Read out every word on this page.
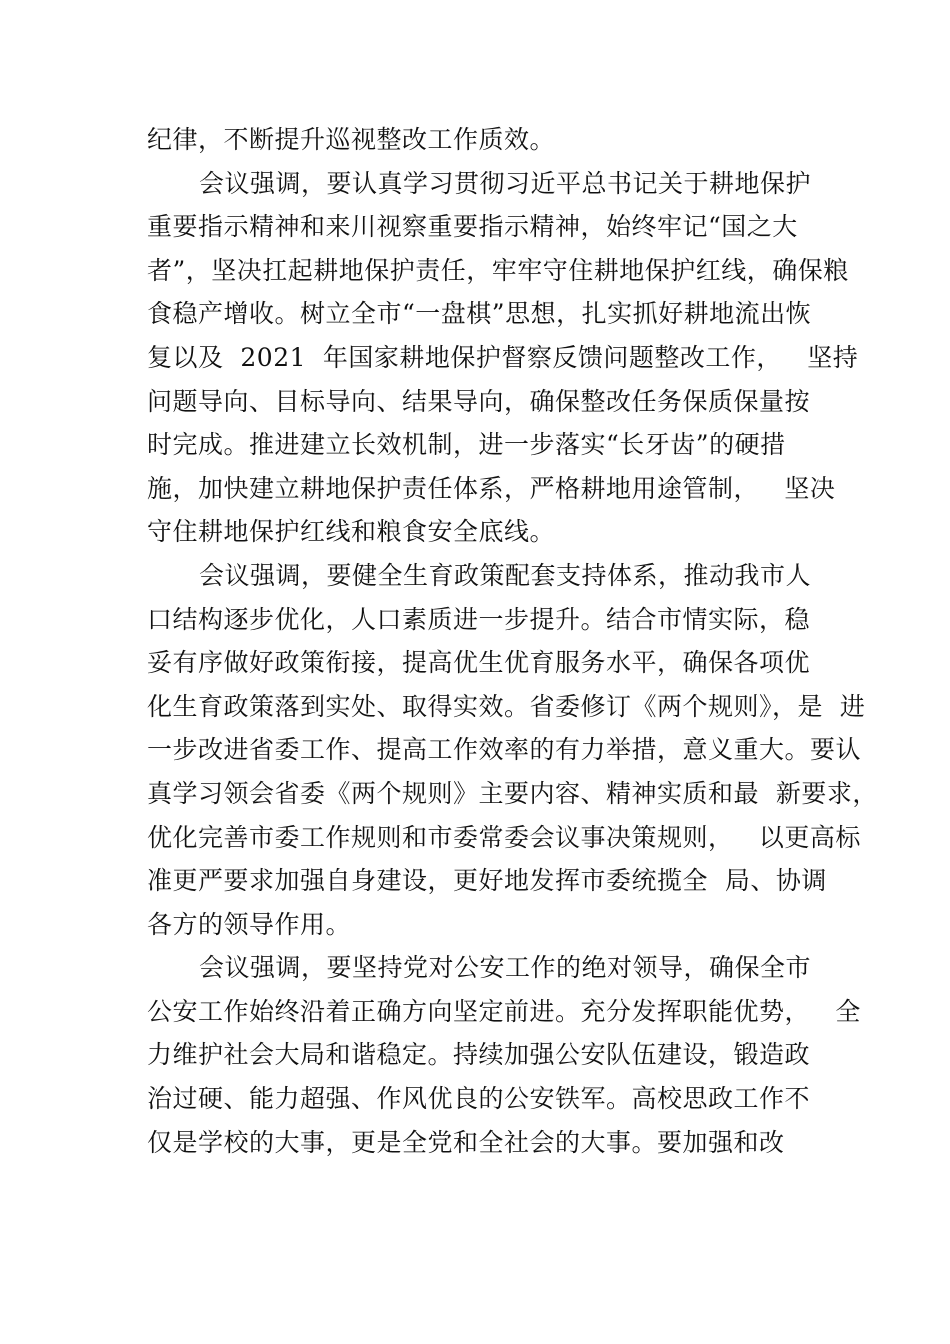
纪律，不断提升巡视整改工作质效。
会议强调，要认真学习贯彻习近平总书记关于耕地保护
重要指示精神和来川视察重要指示精神，始终牢记“国之大
者”，坚决扛起耕地保护责任，牢牢守住耕地保护红线，确保粮
食稳产增收。树立全市“一盘棋”思想，扎实抓好耕地流出恢
复以及  2021  年国家耕地保护督察反馈问题整改工作，   坚持
问题导向、目标导向、结果导向，确保整改任务保质保量按
时完成。推进建立长效机制，进一步落实“长牙齿”的硬措
施，加快建立耕地保护责任体系，严格耕地用途管制，   坚决
守住耕地保护红线和粮食安全底线。
会议强调，要健全生育政策配套支持体系，推动我市人
口结构逐步优化，人口素质进一步提升。结合市情实际，稳
妥有序做好政策衔接，提高优生优育服务水平，确保各项优
化生育政策落到实处、取得实效。省委修订《两个规则》，是  进
一步改进省委工作、提高工作效率的有力举措，意义重大。要认
真学习领会省委《两个规则》主要内容、精神实质和最  新要求，
优化完善市委工作规则和市委常委会议事决策规则，   以更高标
准更严要求加强自身建设，更好地发挥市委统揽全  局、协调
各方的领导作用。
会议强调，要坚持党对公安工作的绝对领导，确保全市
公安工作始终沿着正确方向坚定前进。充分发挥职能优势，   全
力维护社会大局和谐稳定。持续加强公安队伍建设，锻造政
治过硬、能力超强、作风优良的公安铁军。高校思政工作不
仅是学校的大事，更是全党和全社会的大事。要加强和改
